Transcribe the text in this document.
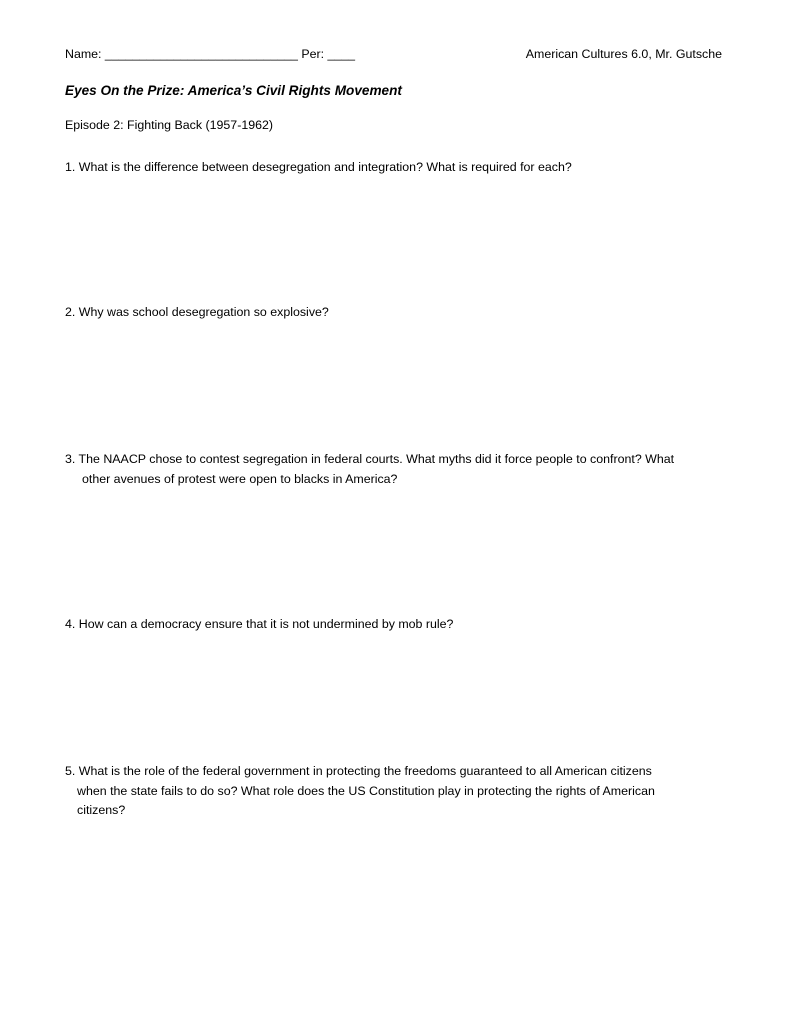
Name: ____________________________ Per: ____	American Cultures 6.0, Mr. Gutsche

Eyes On the Prize: America’s Civil Rights Movement

Episode 2: Fighting Back (1957-1962)

1. What is the difference between desegregation and integration? What is required for each?
2. Why was school desegregation so explosive?
3. The NAACP chose to contest segregation in federal courts. What myths did it force people to confront? What
other avenues of protest were open to blacks in America?
4. How can a democracy ensure that it is not undermined by mob rule?
5. What is the role of the federal government in protecting the freedoms guaranteed to all American citizens
when the state fails to do so? What role does the US Constitution play in protecting the rights of American
citizens?
